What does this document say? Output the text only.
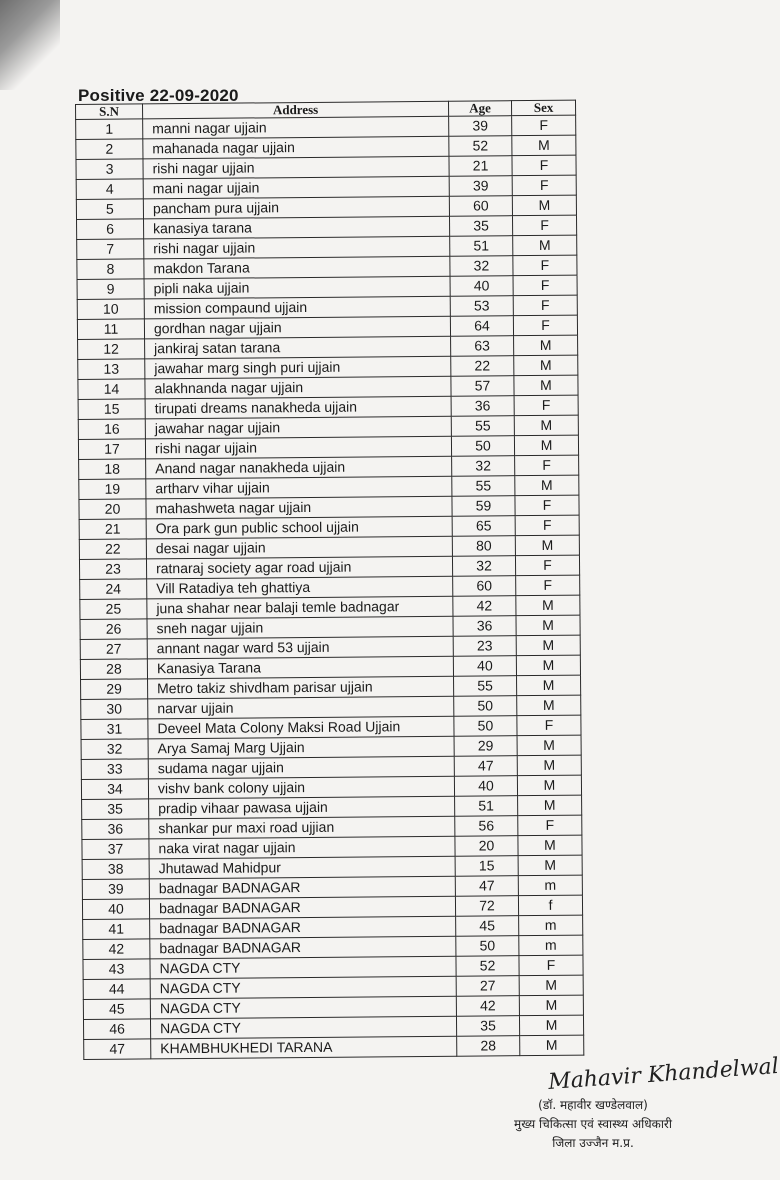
Positive 22-09-2020
S.N	Address	Age	Sex
1	manni nagar ujjain	39	F
2	mahanada nagar ujjain	52	M
3	rishi nagar ujjain	21	F
4	mani nagar ujjain	39	F
5	pancham pura ujjain	60	M
6	kanasiya tarana	35	F
7	rishi nagar ujjain	51	M
8	makdon Tarana	32	F
9	pipli naka ujjain	40	F
10	mission compaund ujjain	53	F
11	gordhan nagar ujjain	64	F
12	jankiraj satan tarana	63	M
13	jawahar marg singh puri ujjain	22	M
14	alakhnanda nagar ujjain	57	M
15	tirupati dreams nanakheda ujjain	36	F
16	jawahar nagar ujjain	55	M
17	rishi nagar ujjain	50	M
18	Anand nagar nanakheda ujjain	32	F
19	artharv vihar ujjain	55	M
20	mahashweta nagar ujjain	59	F
21	Ora park gun public school ujjain	65	F
22	desai nagar ujjain	80	M
23	ratnaraj society agar road ujjain	32	F
24	Vill Ratadiya teh ghattiya	60	F
25	juna shahar near balaji temle badnagar	42	M
26	sneh nagar ujjain	36	M
27	annant nagar ward 53 ujjain	23	M
28	Kanasiya Tarana	40	M
29	Metro takiz shivdham parisar ujjain	55	M
30	narvar ujjain	50	M
31	Deveel Mata Colony Maksi Road Ujjain	50	F
32	Arya Samaj Marg Ujjain	29	M
33	sudama nagar ujjain	47	M
34	vishv bank colony ujjain	40	M
35	pradip vihaar pawasa ujjain	51	M
36	shankar pur maxi road ujjian	56	F
37	naka virat nagar ujjain	20	M
38	Jhutawad Mahidpur	15	M
39	badnagar BADNAGAR	47	m
40	badnagar BADNAGAR	72	f
41	badnagar BADNAGAR	45	m
42	badnagar BADNAGAR	50	m
43	NAGDA CTY	52	F
44	NAGDA CTY	27	M
45	NAGDA CTY	42	M
46	NAGDA CTY	35	M
47	KHAMBHUKHEDI TARANA	28	M
Mahavir Khandelwal
(डॉ. महावीर खण्डेलवाल)
मुख्य चिकित्सा एवं स्वास्थ्य अधिकारी
जिला उज्जैन म.प्र.
